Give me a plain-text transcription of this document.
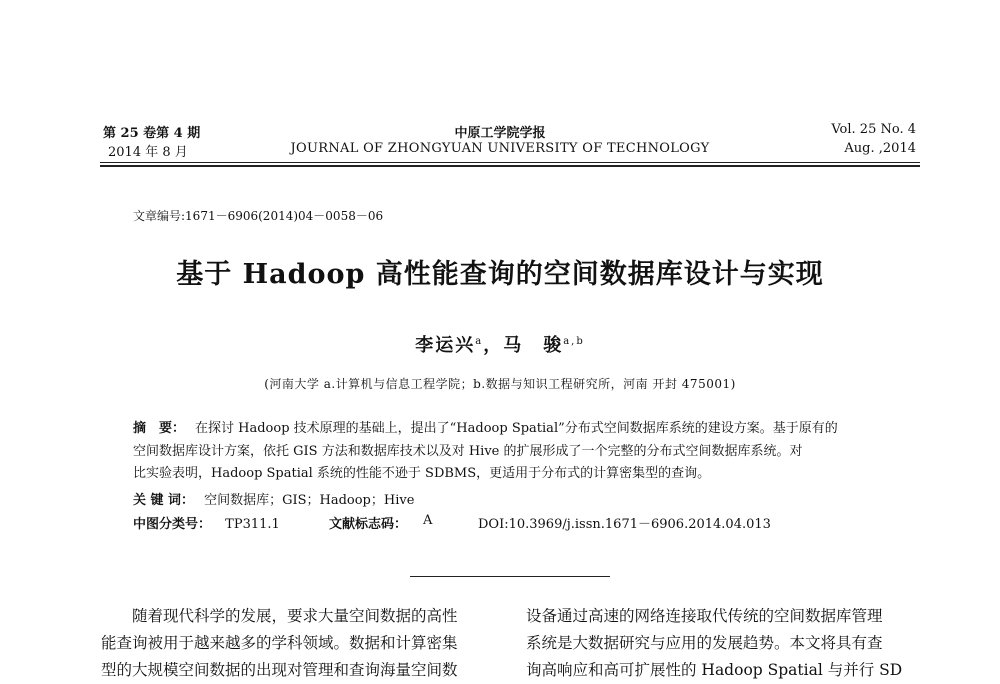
第 25 卷第 4 期
2014 年 8 月
中原工学院学报
JOURNAL OF ZHONGYUAN UNIVERSITY OF TECHNOLOGY
Vol. 25 No. 4
Aug. ,2014
文章编号:1671－6906(2014)04－0058－06
基于 Hadoop 高性能查询的空间数据库设计与实现
李运兴$^a$，马　骏$^{a,b}$
(河南大学 a.计算机与信息工程学院；b.数据与知识工程研究所，河南 开封 475001)
摘　要： 在探讨 Hadoop 技术原理的基础上，提出了“Hadoop Spatial”分布式空间数据库系统的建设方案。基于原有的
空间数据库设计方案，依托 GIS 方法和数据库技术以及对 Hive 的扩展形成了一个完整的分布式空间数据库系统。对
比实验表明，Hadoop Spatial 系统的性能不逊于 SDBMS，更适用于分布式的计算密集型的查询。
关 键 词： 空间数据库；GIS；Hadoop；Hive
中图分类号： TP311.1	文献标志码： A	DOI:10.3969/j.issn.1671－6906.2014.04.013
　　随着现代科学的发展，要求大量空间数据的高性
能查询被用于越来越多的学科领域。数据和计算密集
型的大规模空间数据的出现对管理和查询海量空间数
设备通过高速的网络连接取代传统的空间数据库管理
系统是大数据研究与应用的发展趋势。本文将具有查
询高响应和高可扩展性的 Hadoop Spatial 与并行 SD
